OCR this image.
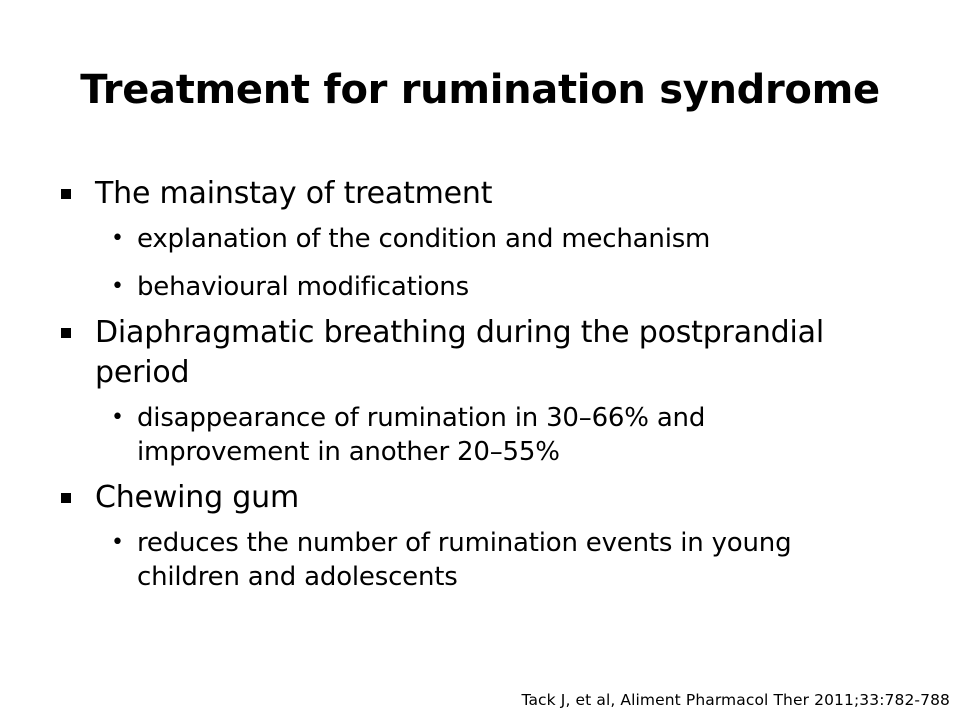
Treatment for rumination syndrome
The mainstay of treatment
• explanation of the condition and mechanism
• behavioural modifications
Diaphragmatic breathing during the postprandial period
• disappearance of rumination in 30–66% and improvement in another 20–55%
Chewing gum
• reduces the number of rumination events in young children and adolescents
Tack J, et al, Aliment Pharmacol Ther 2011;33:782-788
